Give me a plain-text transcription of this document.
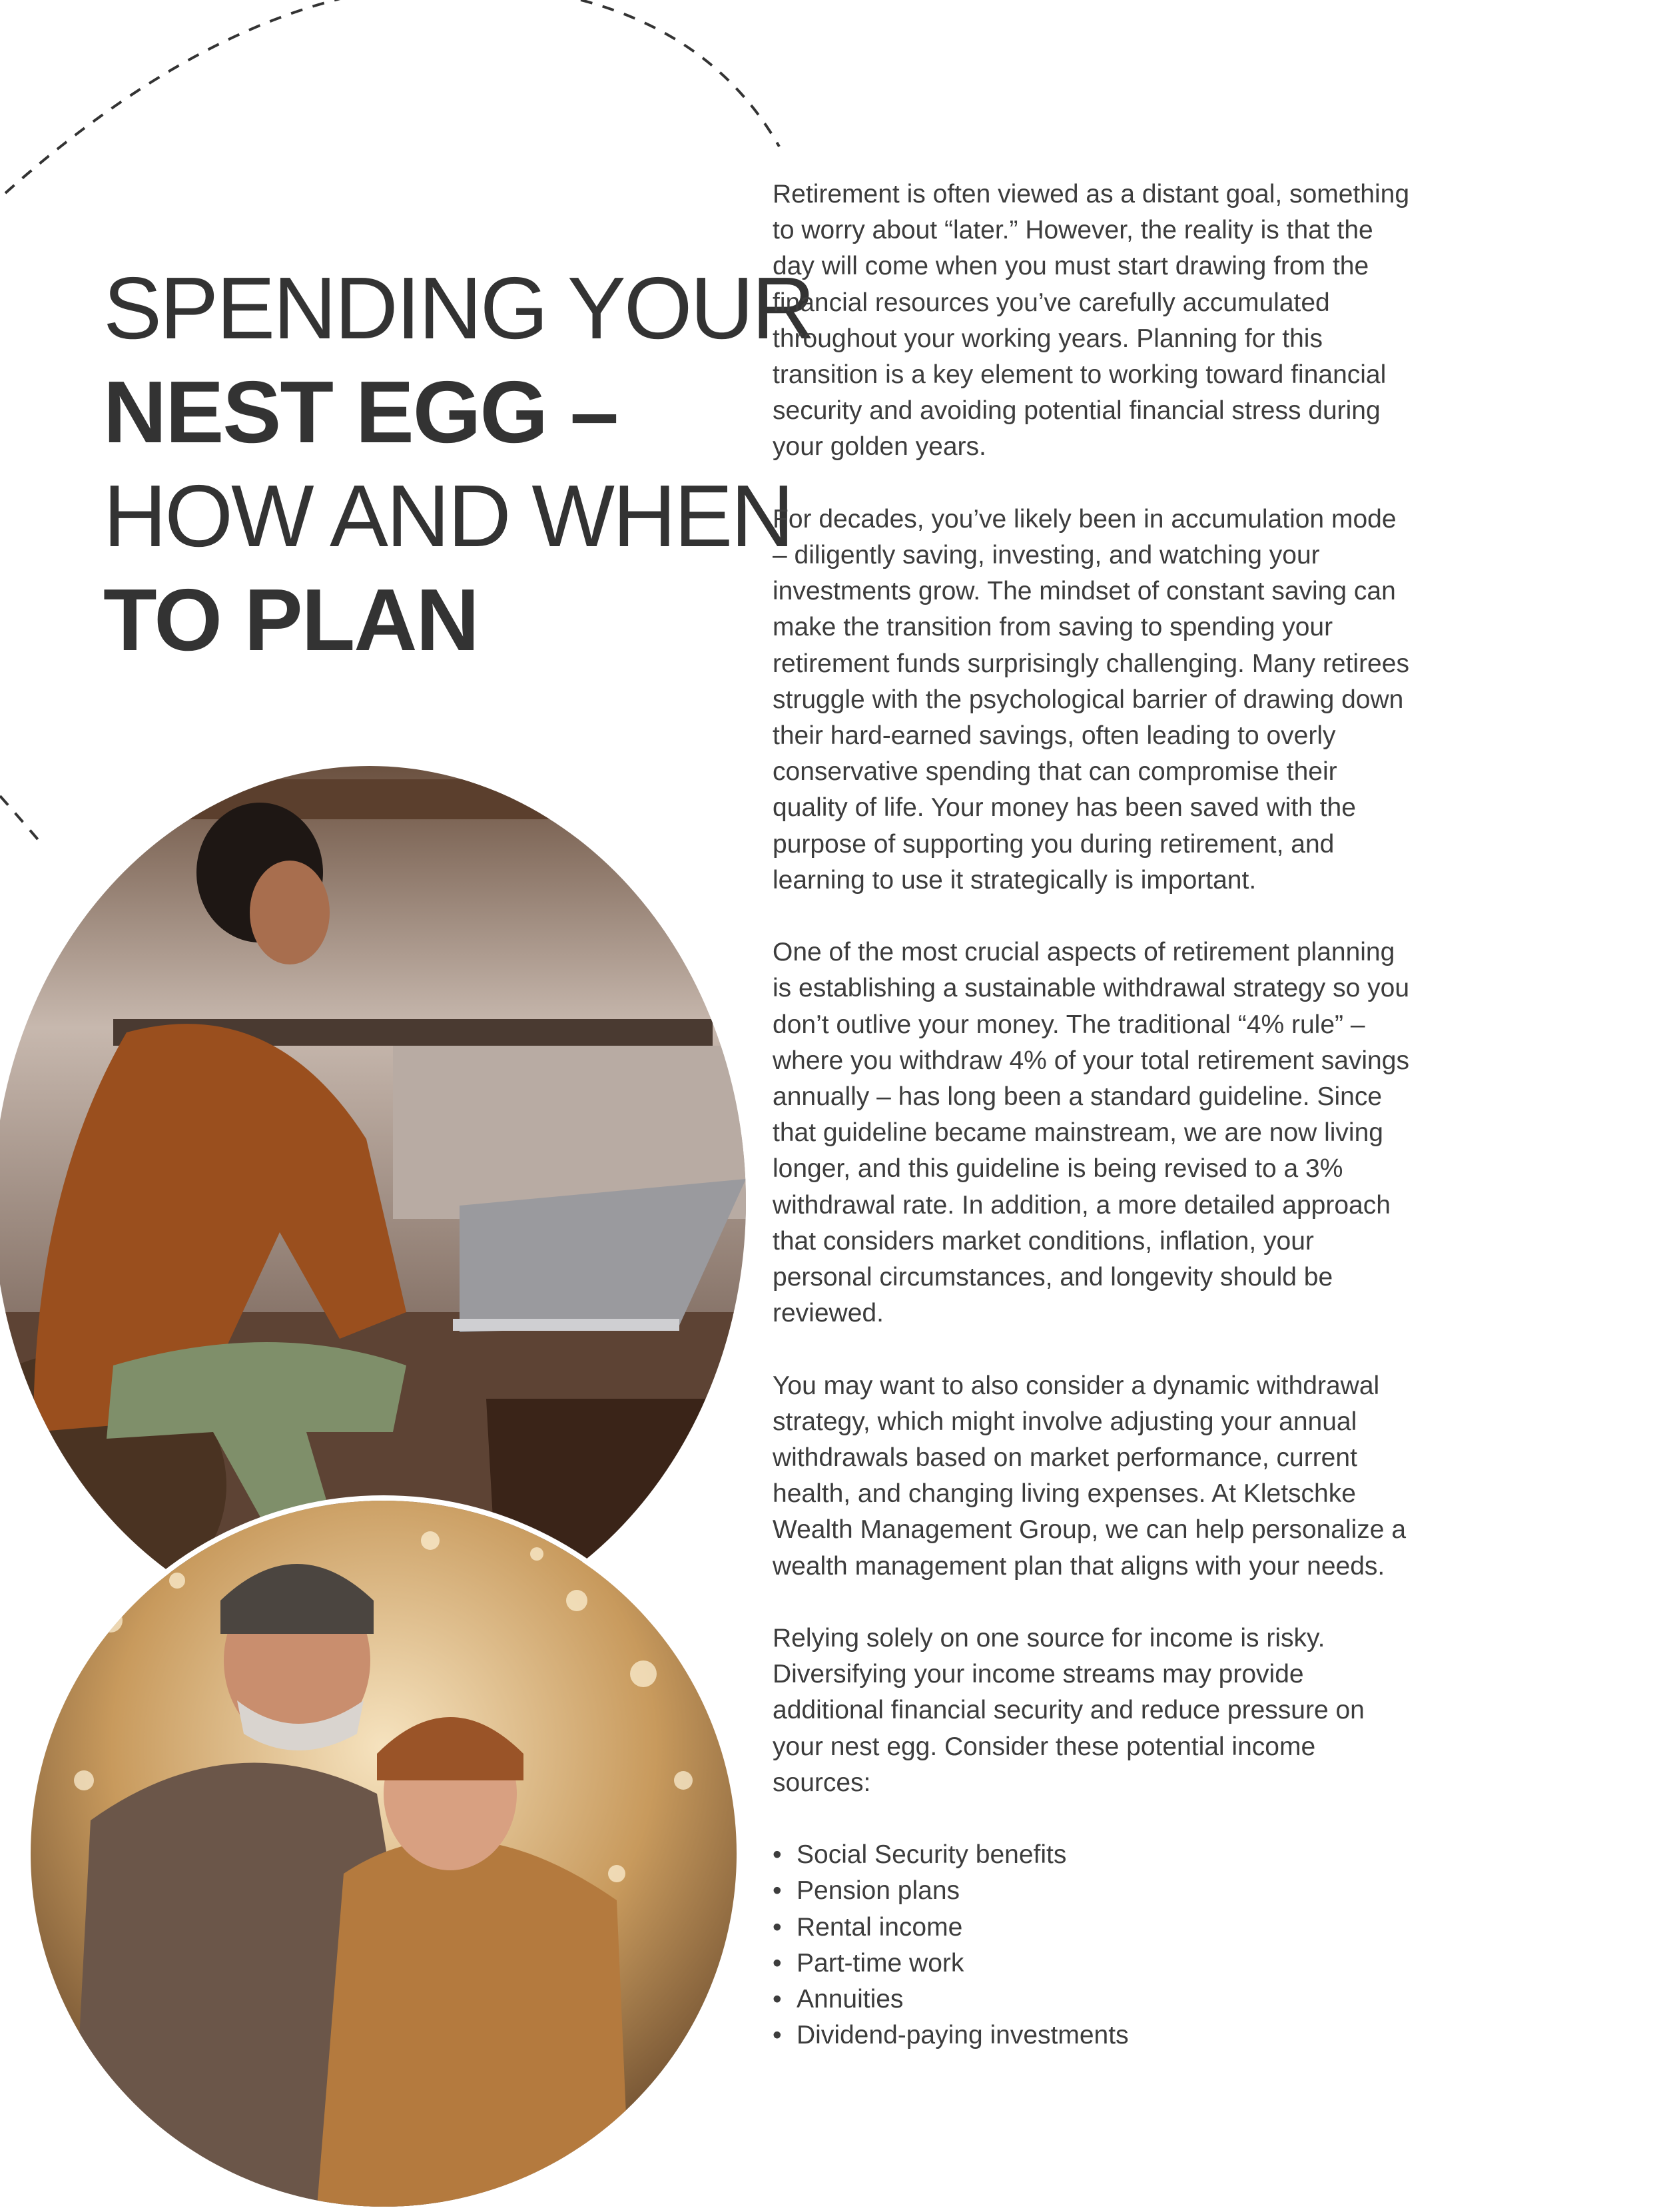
SPENDING YOUR
NEST EGG –
HOW AND WHEN
TO PLAN

Retirement is often viewed as a distant goal, something to worry about “later.” However, the reality is that the day will come when you must start drawing from the financial resources you’ve carefully accumulated throughout your working years. Planning for this transition is a key element to working toward financial security and avoiding potential financial stress during your golden years.

For decades, you’ve likely been in accumulation mode – diligently saving, investing, and watching your investments grow. The mindset of constant saving can make the transition from saving to spending your retirement funds surprisingly challenging. Many retirees struggle with the psychological barrier of drawing down their hard-earned savings, often leading to overly conservative spending that can compromise their quality of life. Your money has been saved with the purpose of supporting you during retirement, and learning to use it strategically is important.

One of the most crucial aspects of retirement planning is establishing a sustainable withdrawal strategy so you don’t outlive your money. The traditional “4% rule” – where you withdraw 4% of your total retirement savings annually – has long been a standard guideline. Since that guideline became mainstream, we are now living longer, and this guideline is being revised to a 3% withdrawal rate. In addition, a more detailed approach that considers market conditions, inflation, your personal circumstances, and longevity should be reviewed.

You may want to also consider a dynamic withdrawal strategy, which might involve adjusting your annual withdrawals based on market performance, current health, and changing living expenses. At Kletschke Wealth Management Group, we can help personalize a wealth management plan that aligns with your needs.

Relying solely on one source for income is risky. Diversifying your income streams may provide additional financial security and reduce pressure on your nest egg. Consider these potential income sources:

• Social Security benefits
• Pension plans
• Rental income
• Part-time work
• Annuities
• Dividend-paying investments
